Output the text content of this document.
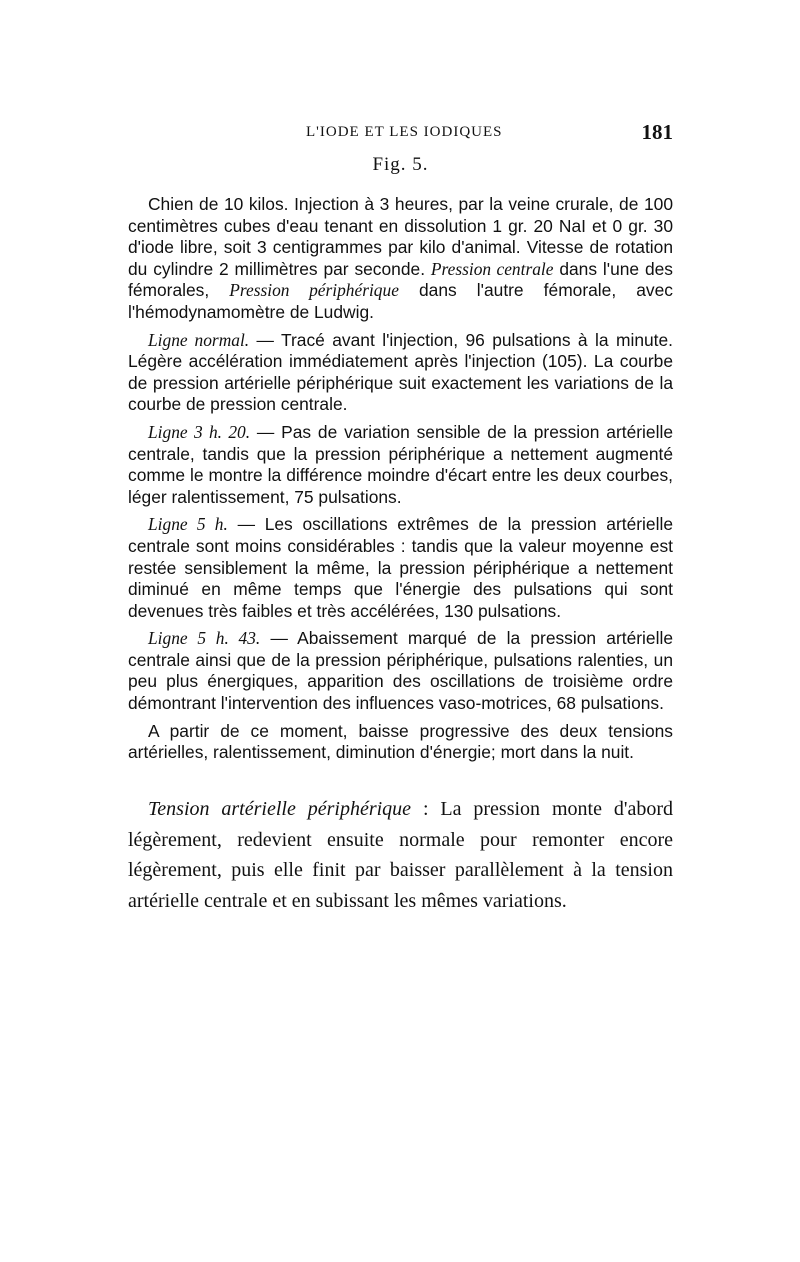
L'IODE ET LES IODIQUES	181
Fig. 5.

Chien de 10 kilos. Injection à 3 heures, par la veine crurale, de 100 centimètres cubes d'eau tenant en dissolution 1 gr. 20 NaI et 0 gr. 30 d'iode libre, soit 3 centigrammes par kilo d'animal. Vitesse de rotation du cylindre 2 millimètres par seconde. Pression centrale dans l'une des fémorales, Pression périphérique dans l'autre fémorale, avec l'hémodynamomètre de Ludwig.

Ligne normal. — Tracé avant l'injection, 96 pulsations à la minute. Légère accélération immédiatement après l'injection (105). La courbe de pression artérielle périphérique suit exactement les variations de la courbe de pression centrale.

Ligne 3 h. 20. — Pas de variation sensible de la pression artérielle centrale, tandis que la pression périphérique a nettement augmenté comme le montre la différence moindre d'écart entre les deux courbes, léger ralentissement, 75 pulsations.

Ligne 5 h. — Les oscillations extrêmes de la pression artérielle centrale sont moins considérables : tandis que la valeur moyenne est restée sensiblement la même, la pression périphérique a nettement diminué en même temps que l'énergie des pulsations qui sont devenues très faibles et très accélérées, 130 pulsations.

Ligne 5 h. 43. — Abaissement marqué de la pression artérielle centrale ainsi que de la pression périphérique, pulsations ralenties, un peu plus énergiques, apparition des oscillations de troisième ordre démontrant l'intervention des influences vaso-motrices, 68 pulsations.

A partir de ce moment, baisse progressive des deux tensions artérielles, ralentissement, diminution d'énergie; mort dans la nuit.

Tension artérielle périphérique : La pression monte d'abord légèrement, redevient ensuite normale pour remonter encore légèrement, puis elle finit par baisser parallèlement à la tension artérielle centrale et en subissant les mêmes variations.
